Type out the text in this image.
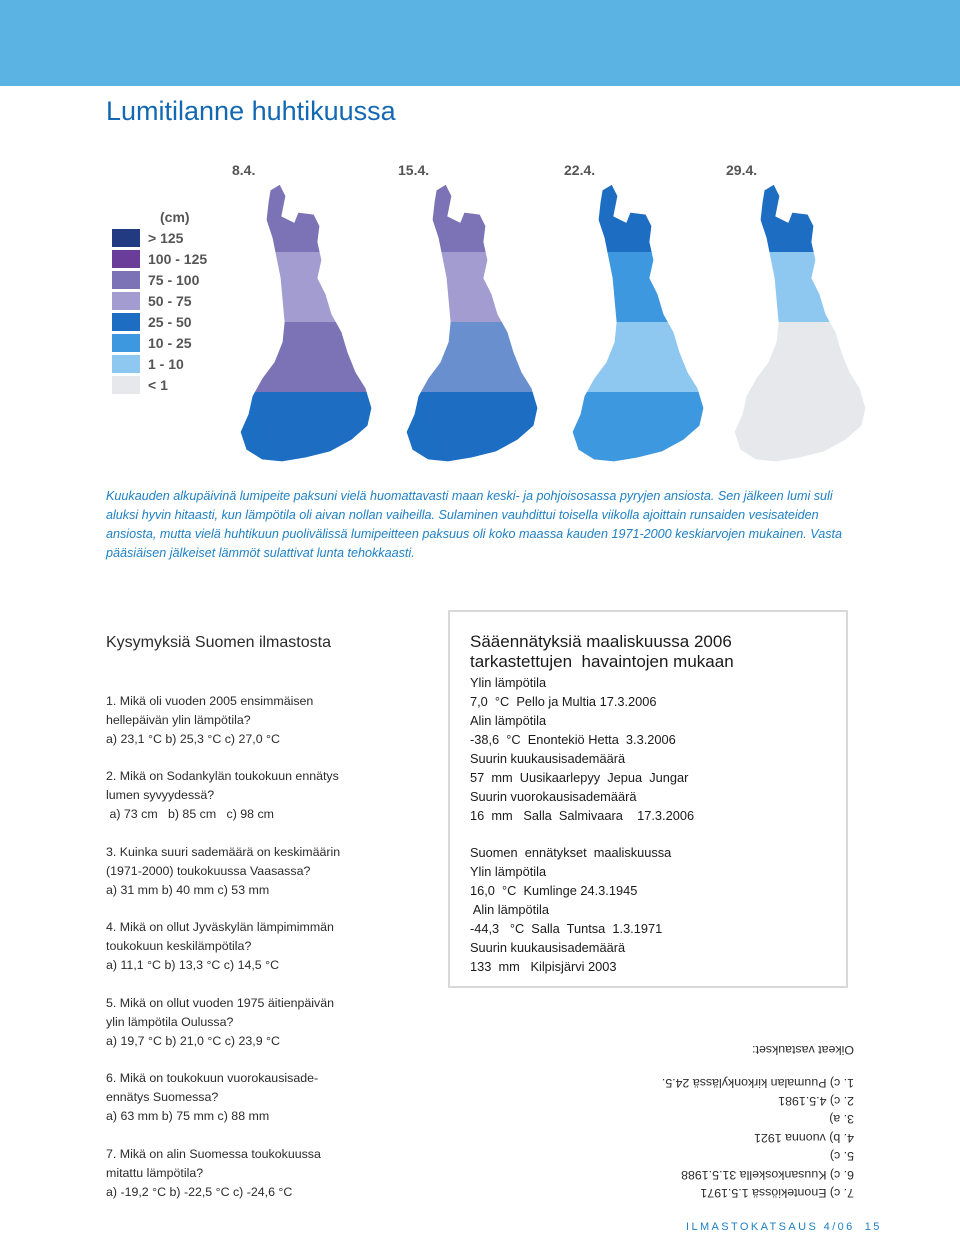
Lumitilanne huhtikuussa
(cm)
> 125
100 - 125
75 - 100
50 - 75
25 - 50
10 - 25
1 - 10
< 1
8.4.	15.4.	22.4.	29.4.

Kuukauden alkupäivinä lumipeite paksuni vielä huomattavasti maan keski- ja pohjoisosassa pyryjen ansiosta. Sen jälkeen lumi suli aluksi hyvin hitaasti, kun lämpötila oli aivan nollan vaiheilla. Sulaminen vauhdittui toisella viikolla ajoittain runsaiden vesisateiden ansiosta, mutta vielä huhtikuun puolivälissä lumipeitteen paksuus oli koko maassa kauden 1971-2000 keskiarvojen mukainen. Vasta pääsiäisen jälkeiset lämmöt sulattivat lunta tehokkaasti.

Kysymyksiä Suomen ilmastosta
1. Mikä oli vuoden 2005 ensimmäisen
hellepäivän ylin lämpötila?
a) 23,1 °C b) 25,3 °C c) 27,0 °C
2. Mikä on Sodankylän toukokuun ennätys
lumen syvyydessä?
a) 73 cm   b) 85 cm   c) 98 cm
3. Kuinka suuri sademäärä on keskimäärin
(1971-2000) toukokuussa Vaasassa?
a) 31 mm b) 40 mm c) 53 mm
4. Mikä on ollut Jyväskylän lämpimimmän
toukokuun keskilämpötila?
a) 11,1 °C b) 13,3 °C c) 14,5 °C
5. Mikä on ollut vuoden 1975 äitienpäivän
ylin lämpötila Oulussa?
a) 19,7 °C b) 21,0 °C c) 23,9 °C
6. Mikä on toukokuun vuorokausisade-
ennätys Suomessa?
a) 63 mm b) 75 mm c) 88 mm
7. Mikä on alin Suomessa toukokuussa
mitattu lämpötila?
a) -19,2 °C b) -22,5 °C c) -24,6 °C
Sääennätyksiä maaliskuussa 2006
tarkastettujen  havaintojen mukaan
Ylin lämpötila
7,0  °C  Pello ja Multia 17.3.2006
Alin lämpötila
-38,6  °C  Enontekiö Hetta  3.3.2006
Suurin kuukausisademäärä
57  mm  Uusikaarlepyy  Jepua  Jungar
Suurin vuorokausisademäärä
16  mm   Salla  Salmivaara    17.3.2006
Suomen  ennätykset  maaliskuussa
Ylin lämpötila
16,0  °C  Kumlinge 24.3.1945
Alin lämpötila
-44,3   °C  Salla  Tuntsa  1.3.1971
Suurin kuukausisademäärä
133  mm   Kilpisjärvi 2003
7. c) Enontekiössä 1.5.1971
6. c) Kuusankoskella 31.5.1988
5. c)
4. b) vuonna 1921
3. a)
2. c) 4.5.1981
1. c) Puumalan kirkonkylässä 24.5.
Oikeat vastaukset:
ILMASTOKATSAUS 4/06 15
